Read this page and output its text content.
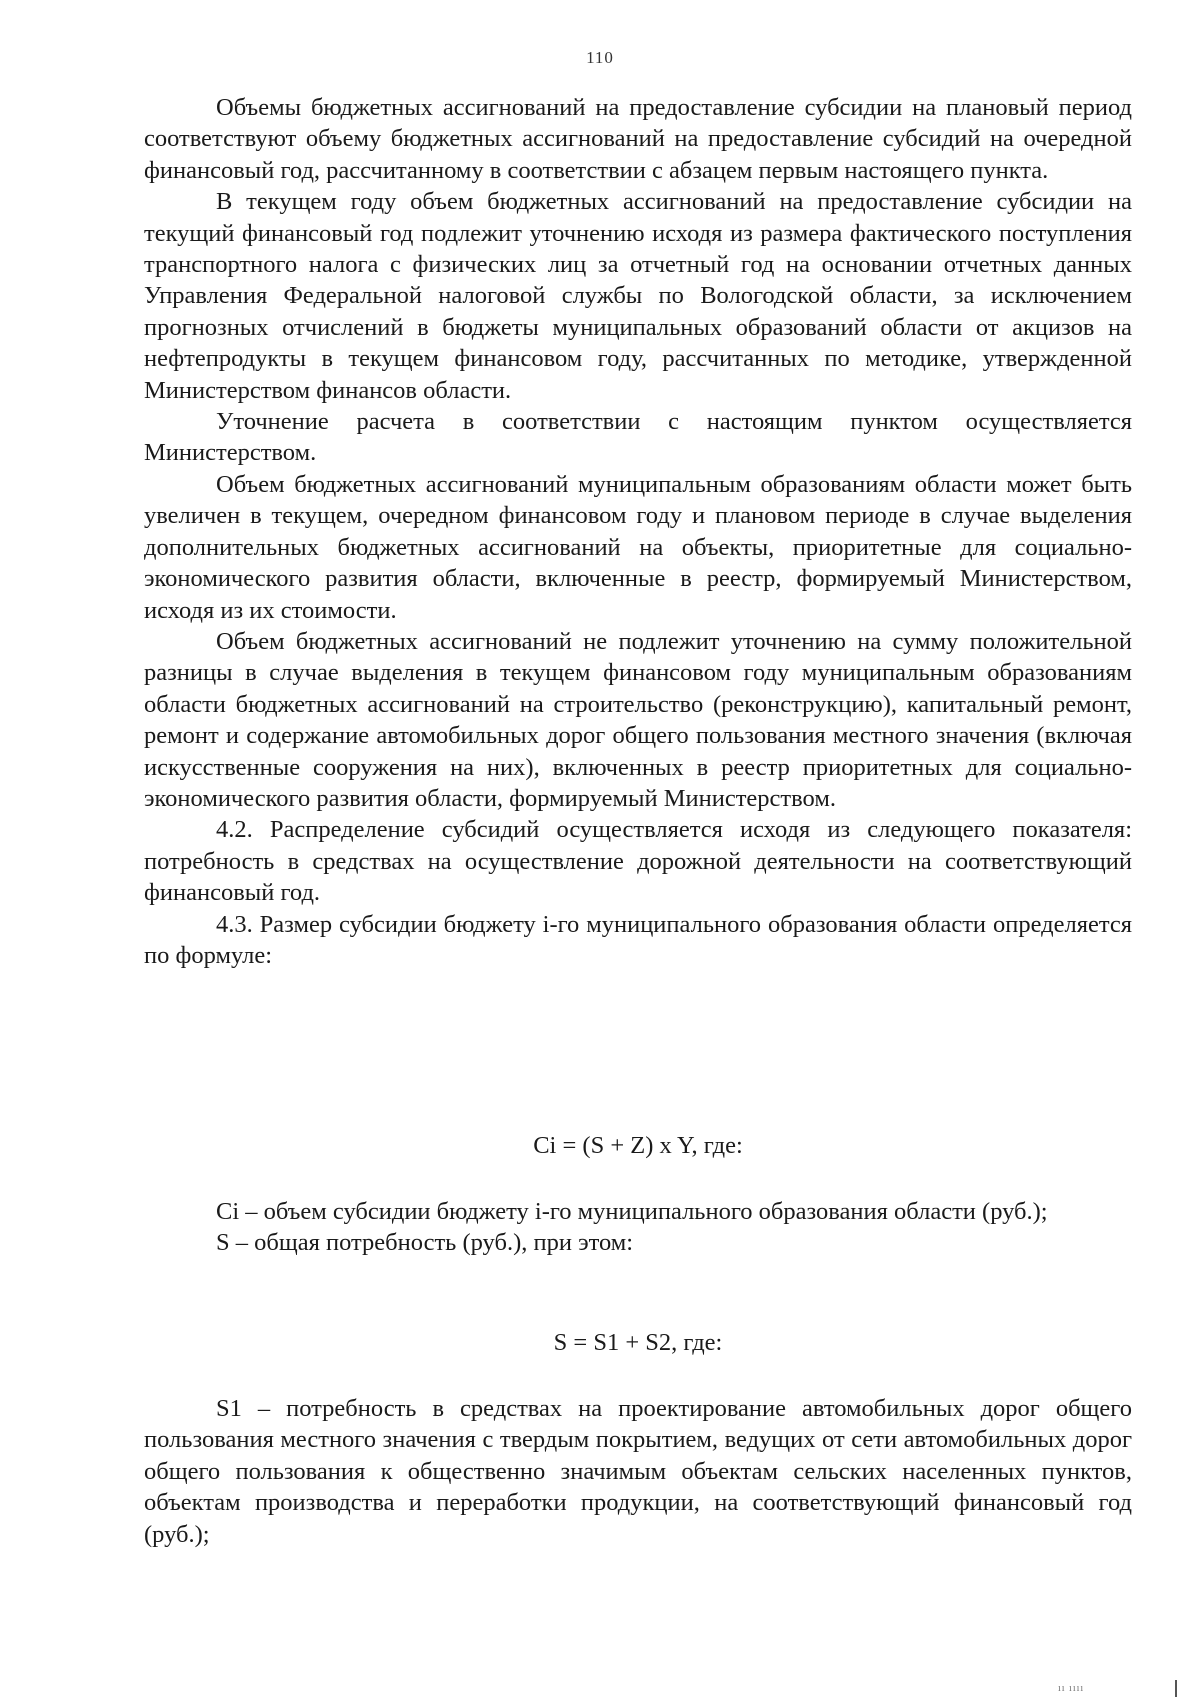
110

Объемы бюджетных ассигнований на предоставление субсидии на плановый период соответствуют объему бюджетных ассигнований на предоставление субсидий на очередной финансовый год, рассчитанному в соответствии с абзацем первым настоящего пункта.

В текущем году объем бюджетных ассигнований на предоставление субсидии на текущий финансовый год подлежит уточнению исходя из размера фактического поступления транспортного налога с физических лиц за отчетный год на основании отчетных данных Управления Федеральной налоговой службы по Вологодской области, за исключением прогнозных отчислений в бюджеты муниципальных образований области от акцизов на нефтепродукты в текущем финансовом году, рассчитанных по методике, утвержденной Министерством финансов области.

Уточнение расчета в соответствии с настоящим пунктом осуществляется Министерством.

Объем бюджетных ассигнований муниципальным образованиям области может быть увеличен в текущем, очередном финансовом году и плановом периоде в случае выделения дополнительных бюджетных ассигнований на объекты, приоритетные для социально-экономического развития области, включенные в реестр, формируемый Министерством, исходя из их стоимости.

Объем бюджетных ассигнований не подлежит уточнению на сумму положительной разницы в случае выделения в текущем финансовом году муниципальным образованиям области бюджетных ассигнований на строительство (реконструкцию), капитальный ремонт, ремонт и содержание автомобильных дорог общего пользования местного значения (включая искусственные сооружения на них), включенных в реестр приоритетных для социально-экономического развития области, формируемый Министерством.

4.2. Распределение субсидий осуществляется исходя из следующего показателя: потребность в средствах на осуществление дорожной деятельности на соответствующий финансовый год.

4.3. Размер субсидии бюджету i-го муниципального образования области определяется по формуле:

Ci = (S + Z) x Y, где:

Ci – объем субсидии бюджету i-го муниципального образования области (руб.);

S – общая потребность (руб.), при этом:

S = S1 + S2, где:

S1 – потребность в средствах на проектирование автомобильных дорог общего пользования местного значения с твердым покрытием, ведущих от сети автомобильных дорог общего пользования к общественно значимым объектам сельских населенных пунктов, объектам производства и переработки продукции, на соответствующий финансовый год (руб.);

ıı ıııı
